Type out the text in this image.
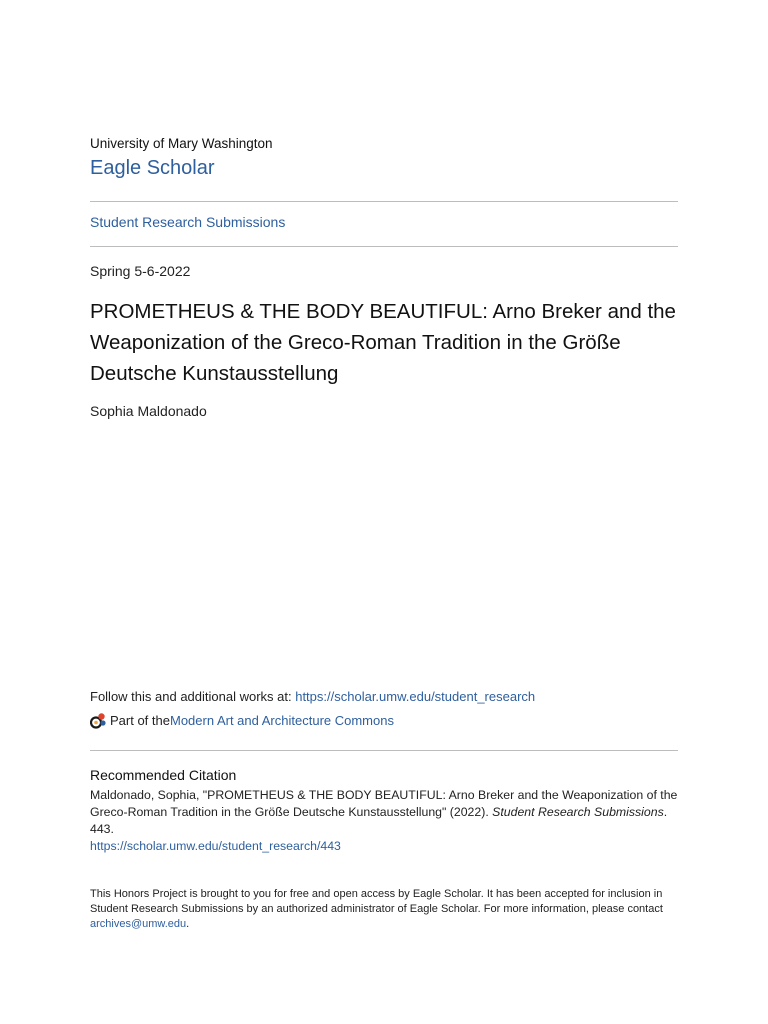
University of Mary Washington
Eagle Scholar
Student Research Submissions
Spring 5-6-2022
PROMETHEUS & THE BODY BEAUTIFUL: Arno Breker and the Weaponization of the Greco-Roman Tradition in the Größe Deutsche Kunstausstellung
Sophia Maldonado
Follow this and additional works at: https://scholar.umw.edu/student_research
Part of the Modern Art and Architecture Commons
Recommended Citation
Maldonado, Sophia, "PROMETHEUS & THE BODY BEAUTIFUL: Arno Breker and the Weaponization of the Greco-Roman Tradition in the Größe Deutsche Kunstausstellung" (2022). Student Research Submissions. 443.
https://scholar.umw.edu/student_research/443
This Honors Project is brought to you for free and open access by Eagle Scholar. It has been accepted for inclusion in Student Research Submissions by an authorized administrator of Eagle Scholar. For more information, please contact archives@umw.edu.
